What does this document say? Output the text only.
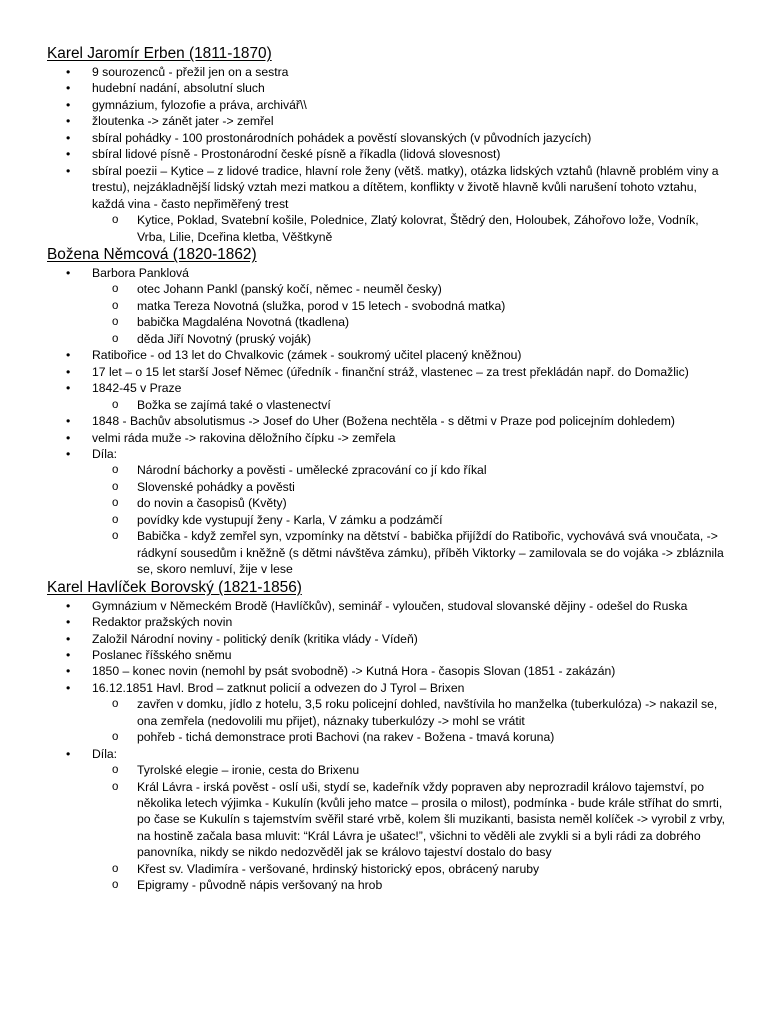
Karel Jaromír Erben (1811-1870)
• 9 sourozenců - přežil jen on a sestra
• hudební nadání, absolutní sluch
• gymnázium, fylozofie a práva, archivář\\
• žloutenka -> zánět jater -> zemřel
• sbíral pohádky - 100 prostonárodních pohádek a pověstí slovanských (v původních jazycích)
• sbíral lidové písně - Prostonárodní české písně a říkadla (lidová slovesnost)
• sbíral poezii – Kytice – z lidové tradice, hlavní role ženy (větš. matky), otázka lidských vztahů (hlavně problém viny a trestu), nejzákladnější lidský vztah mezi matkou a dítětem, konflikty v životě hlavně kvůli narušení tohoto vztahu, každá vina - často nepřiměřený trest
o Kytice, Poklad, Svatební košile, Polednice, Zlatý kolovrat, Štědrý den, Holoubek, Záhořovo lože, Vodník, Vrba, Lilie, Dceřina kletba, Věštkyně
Božena Němcová (1820-1862)
• Barbora Panklová
o otec Johann Pankl (panský kočí, němec - neuměl česky)
o matka Tereza Novotná (služka, porod v 15 letech - svobodná matka)
o babička Magdaléna Novotná (tkadlena)
o děda Jiří Novotný (pruský voják)
• Ratibořice - od 13 let do Chvalkovic (zámek - soukromý učitel placený kněžnou)
• 17 let – o 15 let starší Josef Němec (úředník - finanční stráž, vlastenec – za trest překládán např. do Domažlic)
• 1842-45 v Praze
o Božka se zajímá také o vlastenectví
• 1848 - Bachův absolutismus -> Josef do Uher (Božena nechtěla - s dětmi v Praze pod policejním dohledem)
• velmi ráda muže -> rakovina děložního čípku -> zemřela
• Díla:
o Národní báchorky a pověsti - umělecké zpracování co jí kdo říkal
o Slovenské pohádky a pověsti
o do novin a časopisů (Květy)
o povídky kde vystupují ženy - Karla, V zámku a podzámčí
o Babička - když zemřel syn, vzpomínky na dětství - babička přijíždí do Ratibořic, vychovává svá vnoučata, -> rádkyní sousedům i kněžně (s dětmi návštěva zámku), příběh Viktorky – zamilovala se do vojáka -> zbláznila se, skoro nemluví, žije v lese
Karel Havlíček Borovský (1821-1856)
• Gymnázium v Německém Brodě (Havlíčkův), seminář - vyloučen, studoval slovanské dějiny - odešel do Ruska
• Redaktor pražských novin
• Založil Národní noviny - politický deník (kritika vlády - Vídeň)
• Poslanec říšského sněmu
• 1850 – konec novin (nemohl by psát svobodně) -> Kutná Hora - časopis Slovan (1851 - zakázán)
• 16.12.1851 Havl. Brod – zatknut policií a odvezen do J Tyrol – Brixen
o zavřen v domku, jídlo z hotelu, 3,5 roku policejní dohled, navštívila ho manželka (tuberkulóza) -> nakazil se, ona zemřela (nedovolili mu přijet), náznaky tuberkulózy -> mohl se vrátit
o pohřeb - tichá demonstrace proti Bachovi (na rakev - Božena - tmavá koruna)
• Díla:
o Tyrolské elegie – ironie, cesta do Brixenu
o Král Lávra - irská pověst - oslí uši, stydí se, kadeřník vždy popraven aby neprozradil královo tajemství, po několika letech výjimka - Kukulín (kvůli jeho matce – prosila o milost), podmínka - bude krále stříhat do smrti, po čase se Kukulín s tajemstvím svěřil staré vrbě, kolem šli muzikanti, basista neměl kolíček -> vyrobil z vrby, na hostině začala basa mluvit: “Král Lávra je ušatec!”, všichni to věděli ale zvykli si a byli rádi za dobrého panovníka, nikdy se nikdo nedozvěděl jak se královo tajeství dostalo do basy
o Křest sv. Vladimíra - veršované, hrdinský historický epos, obrácený naruby
o Epigramy - původně nápis veršovaný na hrob
